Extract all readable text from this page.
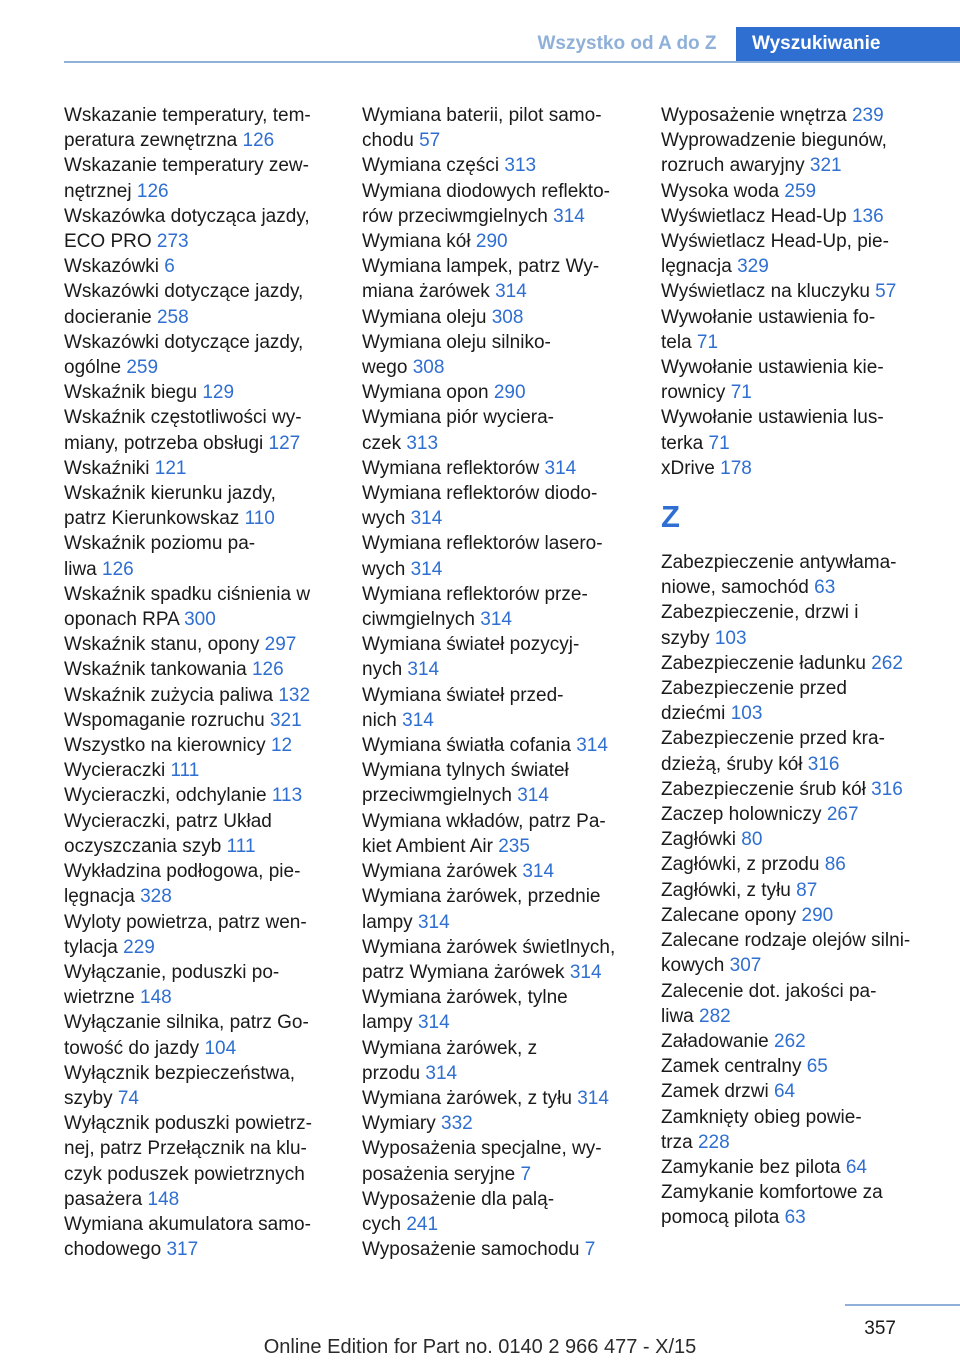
Wszystko od A do Z	Wyszukiwanie
Wskazanie temperatury, tem-
peratura zewnętrzna 126
Wskazanie temperatury zew-
nętrznej 126
Wskazówka dotycząca jazdy,
ECO PRO 273
Wskazówki 6
Wskazówki dotyczące jazdy,
docieranie 258
Wskazówki dotyczące jazdy,
ogólne 259
Wskaźnik biegu 129
Wskaźnik częstotliwości wy-
miany, potrzeba obsługi 127
Wskaźniki 121
Wskaźnik kierunku jazdy,
patrz Kierunkowskaz 110
Wskaźnik poziomu pa-
liwa 126
Wskaźnik spadku ciśnienia w
oponach RPA 300
Wskaźnik stanu, opony 297
Wskaźnik tankowania 126
Wskaźnik zużycia paliwa 132
Wspomaganie rozruchu 321
Wszystko na kierownicy 12
Wycieraczki 111
Wycieraczki, odchylanie 113
Wycieraczki, patrz Układ
oczyszczania szyb 111
Wykładzina podłogowa, pie-
lęgnacja 328
Wyloty powietrza, patrz wen-
tylacja 229
Wyłączanie, poduszki po-
wietrzne 148
Wyłączanie silnika, patrz Go-
towość do jazdy 104
Wyłącznik bezpieczeństwa,
szyby 74
Wyłącznik poduszki powietrz-
nej, patrz Przełącznik na klu-
czyk poduszek powietrznych
pasażera 148
Wymiana akumulatora samo-
chodowego 317
Wymiana baterii, pilot samo-
chodu 57
Wymiana części 313
Wymiana diodowych reflekto-
rów przeciwmgielnych 314
Wymiana kół 290
Wymiana lampek, patrz Wy-
miana żarówek 314
Wymiana oleju 308
Wymiana oleju silniko-
wego 308
Wymiana opon 290
Wymiana piór wyciera-
czek 313
Wymiana reflektorów 314
Wymiana reflektorów diodo-
wych 314
Wymiana reflektorów lasero-
wych 314
Wymiana reflektorów prze-
ciwmgielnych 314
Wymiana świateł pozycyj-
nych 314
Wymiana świateł przed-
nich 314
Wymiana światła cofania 314
Wymiana tylnych świateł
przeciwmgielnych 314
Wymiana wkładów, patrz Pa-
kiet Ambient Air 235
Wymiana żarówek 314
Wymiana żarówek, przednie
lampy 314
Wymiana żarówek świetlnych,
patrz Wymiana żarówek 314
Wymiana żarówek, tylne
lampy 314
Wymiana żarówek, z
przodu 314
Wymiana żarówek, z tyłu 314
Wymiary 332
Wyposażenia specjalne, wy-
posażenia seryjne 7
Wyposażenie dla palą-
cych 241
Wyposażenie samochodu 7
Wyposażenie wnętrza 239
Wyprowadzenie biegunów,
rozruch awaryjny 321
Wysoka woda 259
Wyświetlacz Head-Up 136
Wyświetlacz Head-Up, pie-
lęgnacja 329
Wyświetlacz na kluczyku 57
Wywołanie ustawienia fo-
tela 71
Wywołanie ustawienia kie-
rownicy 71
Wywołanie ustawienia lus-
terka 71
xDrive 178
Z
Zabezpieczenie antywłama-
niowe, samochód 63
Zabezpieczenie, drzwi i
szyby 103
Zabezpieczenie ładunku 262
Zabezpieczenie przed
dziećmi 103
Zabezpieczenie przed kra-
dzieżą, śruby kół 316
Zabezpieczenie śrub kół 316
Zaczep holowniczy 267
Zagłówki 80
Zagłówki, z przodu 86
Zagłówki, z tyłu 87
Zalecane opony 290
Zalecane rodzaje olejów silni-
kowych 307
Zalecenie dot. jakości pa-
liwa 282
Załadowanie 262
Zamek centralny 65
Zamek drzwi 64
Zamknięty obieg powie-
trza 228
Zamykanie bez pilota 64
Zamykanie komfortowe za
pomocą pilota 63
357
Online Edition for Part no. 0140 2 966 477 - X/15
